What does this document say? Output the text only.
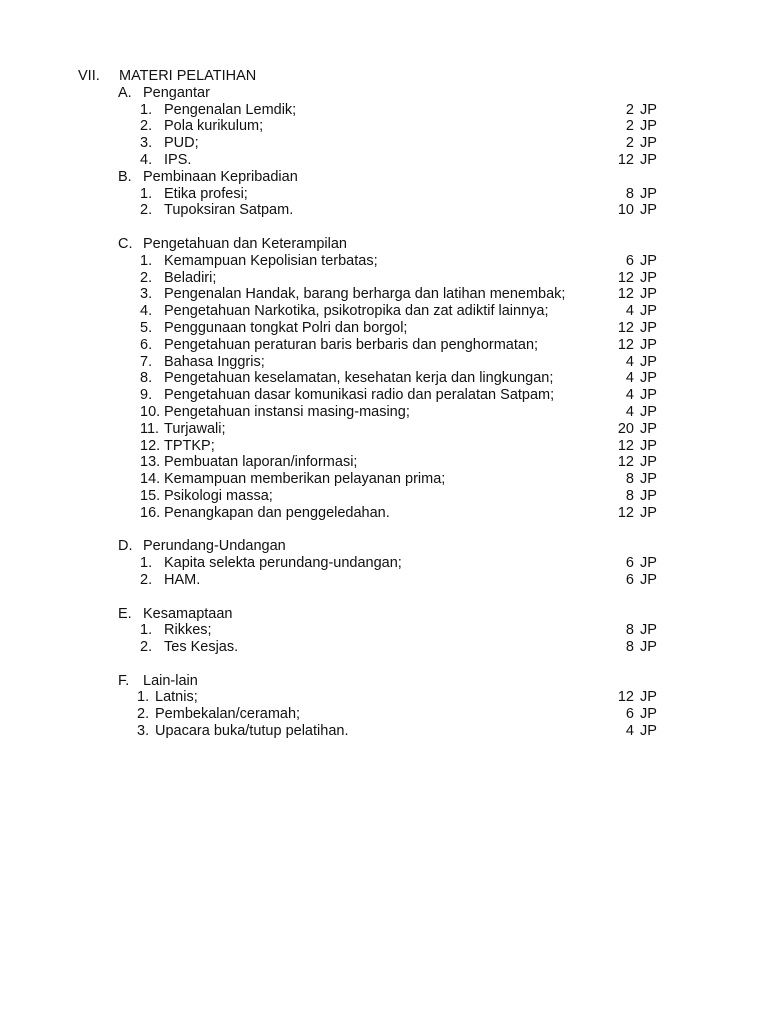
VII. MATERI PELATIHAN
A. Pengantar
1. Pengenalan Lemdik;	2 JP
2. Pola kurikulum;	2 JP
3. PUD;	2 JP
4. IPS.	12 JP
B. Pembinaan Kepribadian
1. Etika profesi;	8 JP
2. Tupoksiran Satpam.	10 JP
C. Pengetahuan dan Keterampilan
1. Kemampuan Kepolisian terbatas;	6 JP
2. Beladiri;	12 JP
3. Pengenalan Handak, barang berharga dan latihan menembak;	12 JP
4. Pengetahuan Narkotika, psikotropika dan zat adiktif lainnya;	4 JP
5. Penggunaan tongkat Polri dan borgol;	12 JP
6. Pengetahuan peraturan baris berbaris dan penghormatan;	12 JP
7. Bahasa Inggris;	4 JP
8. Pengetahuan keselamatan, kesehatan kerja dan lingkungan;	4 JP
9. Pengetahuan dasar komunikasi radio dan peralatan Satpam;	4 JP
10. Pengetahuan instansi masing-masing;	4 JP
11. Turjawali;	20 JP
12. TPTKP;	12 JP
13. Pembuatan laporan/informasi;	12 JP
14. Kemampuan memberikan pelayanan prima;	8 JP
15. Psikologi massa;	8 JP
16. Penangkapan dan penggeledahan.	12 JP
D. Perundang-Undangan
1. Kapita selekta perundang-undangan;	6 JP
2. HAM.	6 JP
E. Kesamaptaan
1. Rikkes;	8 JP
2. Tes Kesjas.	8 JP
F. Lain-lain
1. Latnis;	12 JP
2. Pembekalan/ceramah;	6 JP
3. Upacara buka/tutup pelatihan.	4 JP
